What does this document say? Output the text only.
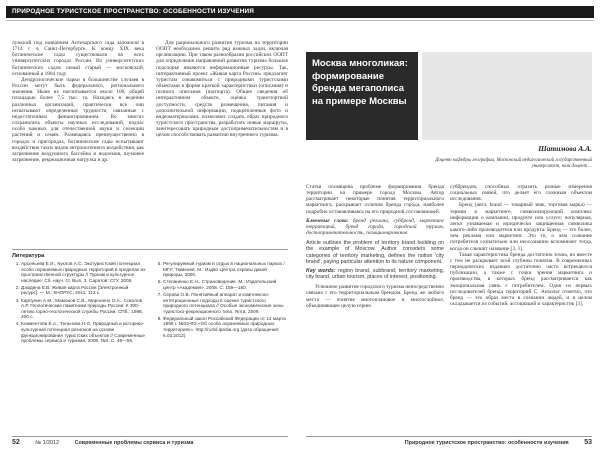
ПРИРОДНОЕ ТУРИСТСКОЕ ПРОСТРАНСТВО: ОСОБЕННОСТИ ИЗУЧЕНИЯ

лужский под названием Аптекарского сада заложили в 1714 г. в Санкт-Петербурге. К концу XIX века ботанические сады существовали во всех университетских городах России. Из университетских ботанических садов самый старый — московский, основанный в 1804 году.

Дендрологические парки в большинстве случаев в России могут быть федерального, регионального значения. Ныне их насчитывается около 100, общей площадью более 7,5 тыс. га. Находясь в ведении различных организаций, практически все они испытывают определенные трудности, связанные с недостаточным финансированием. Во многих сохранились объекты научных исследований, подчас особо важных для отечественной науки и селекции растений и семян. Размещаясь преимущественно в городах и пригородах, ботанические сады испытывают воздействие таких видов антропогенного воздействия, как загрязнение воздушного бассейна и водоемов, шумовое загрязнение, рекреационная нагрузка и др.

Для рационального развития туризма на территории ООПТ необходимо решить ряд важных задач, включая организацию. При таком разнообразии российских ООПТ для определения направлений развития туризма большое подспорье являются информационные ресурсы. Так, интерактивный проект «Живая карта России» предлагает туристам ознакомиться с природными туристскими объектами в форме краткой характеристики (описания) и полного описания (паспорта). Общие сведения об интерактивном объекте, оценка транспортной доступности, средств размещения, питания и дополнительной информации, подкрепленные фото и видеоматериалами, позволяют создать образ природного туристского пространства, разработать новые маршруты, заинтересовать природным достопримечательностям и в целом способствовать развитию внутреннего туризма.

Литература
1. Арсеньева Е.И., Куклов А.С. Экотуристский потенциал особо охраняемых природных территорий в пределах их пространственной структуры // Туризм и культурное наследие: Сб. науч. ст. Вып. 3. Саратов: СГУ, 2005.
2. Дзюдина Е.В. Живая карта России [Электронный ресурс]. — М.: КНОРУС, 2011. 112 с.
3. Карпунин А.М., Мамонов С.В., Миронено О.А., Соколов А.Р. Геологические памятники природы России: К 300-летию горно-геологической службы России. СПб.: 1998, 200 с.
4. Климентова Е.А., Тельнова Н.О. Природный и историко-культурный потенциал регионов на основе функционирования туристских объектов // Современные проблемы сервиса и туризма. 2008. №4. С. 49—55.
5. Регулируемый туризм и отдых в национальных парках / МГУ; Тюменев. М.: Издво Центра охраны дикой природы, 2000.
6. Степаненко Е.Н., Страноведение. М.: Издательский центр «Академия», 2008. С. 159—160.
7. Серова О.В. Понятийный аппарат и комплексно-интеграционные подходы в оценке туристского природного потенциала // Особые экономические зоны туристско-рекреационного типа. Ялта, 2009.
8. Федеральный закон Российской Федерации от 14 марта 1995 г. №33-ФЗ «Об особо охраняемых природных территориях». http://rumil.ipedia.org (дата обращения: 6.02.2012).
52	№ 1/2012	Современные проблемы сервиса и туризма
Москва многоликая: формирование бренда мегаполиса на примере Москвы
Шатимова А.А.
Доцент кафедры географии, Московский педагогический государственный университет, наш доцент ...

Статья посвящена проблеме формирования бренда территории на примере города Москвы. Автор рассматривает некоторые понятия территориального маркетинга, раскрывает отличия бренда города, наиболее подробно останавливаясь на его природной составляющей.

Ключевые слова: бренд региона, суббренд, маркетинг территорий, бренд города, городской туризм, достопримечательность, позиционирование.

Article outlines the problem of territory brand building on the example of Moscow. Author considers some categories of territory marketing, defines the notion 'city brand', paying particular attention to its nature component.

Key words: region brand, subbrand, territory marketing, city brand, urban tourism, places of interest, positioning.

Успешное развитие городского туризма непосредственно связано с его территориальным брендом. Бренд же любого места — понятие многоплановое и многослойное, объединяющее целую серию

суббрендов, способных отразить разные измерения социальных связей, что делает его сложным объектом исследования.

Бренд (англ. brand — товарный знак, торговая марка) — термин в маркетинге, символизирующий комплекс информации о компании, продукте или услуге; популярная, легко узнаваемая и юридически защищенная символика какого-либо производителя или продукта. Бренд — это более, чем реклама или маркетинг. Это то, о чем сознание потребителя сознательно или неосознанно вспоминает тогда, когда он слышит название [3, 1].

Такая характеристика бренда достаточно точна, но вместе с тем не раскрывает всей глубины понятия. В современных периодических изданиях достаточно часто встречаются публикации, а также с точки зрения маркетинга и производства, в которых бренд рассматривается как эмоциональная связь с потребителем. Один из первых исследователей бренда территорий С. Анхольт отметил, что бренд — это образ места в сознании людей, и в целом складывается из событий, ассоциаций и характеристик [3].

Природное туристское пространство: особенности изучения 53
